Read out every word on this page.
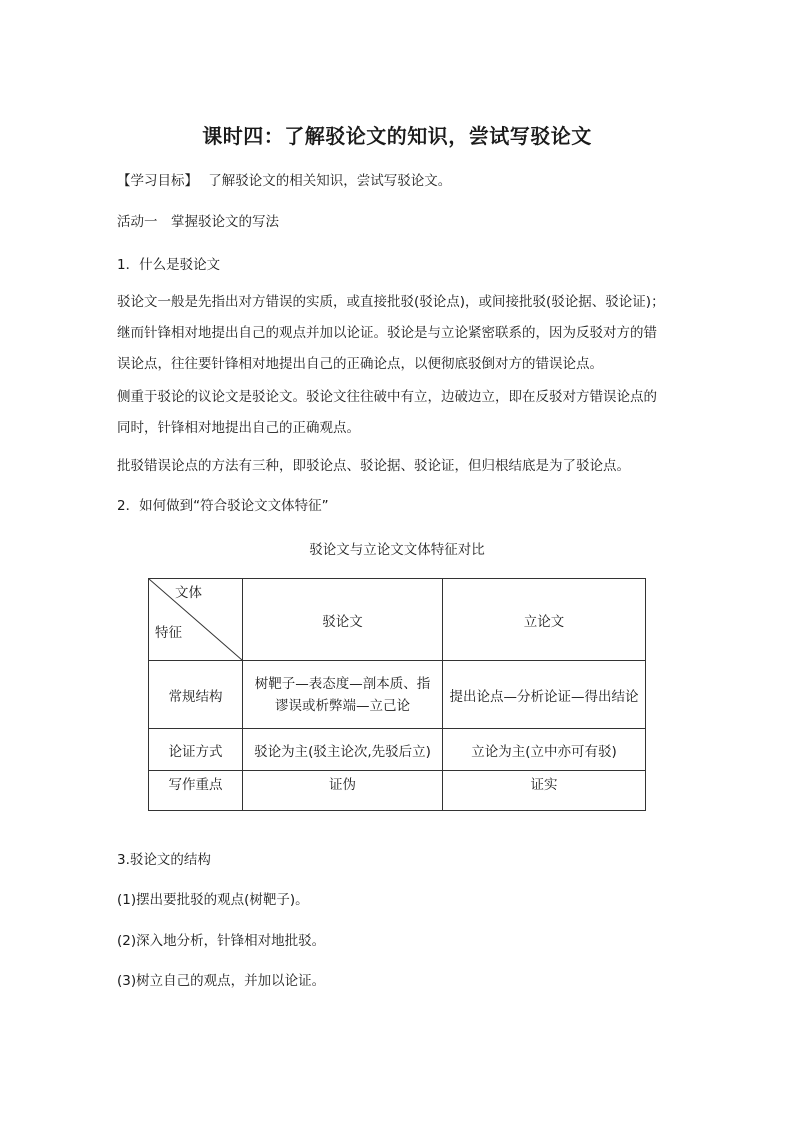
课时四：了解驳论文的知识，尝试写驳论文
【学习目标】 了解驳论文的相关知识，尝试写驳论文。
活动一　掌握驳论文的写法
1．什么是驳论文
驳论文一般是先指出对方错误的实质，或直接批驳(驳论点)，或间接批驳(驳论据、驳论证)；
继而针锋相对地提出自己的观点并加以论证。驳论是与立论紧密联系的，因为反驳对方的错
误论点，往往要针锋相对地提出自己的正确论点，以便彻底驳倒对方的错误论点。
侧重于驳论的议论文是驳论文。驳论文往往破中有立，边破边立，即在反驳对方错误论点的
同时，针锋相对地提出自己的正确观点。
批驳错误论点的方法有三种，即驳论点、驳论据、驳论证，但归根结底是为了驳论点。
2．如何做到“符合驳论文文体特征”
驳论文与立论文文体特征对比
文体
特征	驳论文	立论文
常规结构	树靶子—表态度—剖本质、指谬误或析弊端—立己论	提出论点—分析论证—得出结论
论证方式	驳论为主(驳主论次,先驳后立)	立论为主(立中亦可有驳)
写作重点	证伪	证实
3.驳论文的结构
(1)摆出要批驳的观点(树靶子)。
(2)深入地分析，针锋相对地批驳。
(3)树立自己的观点，并加以论证。
